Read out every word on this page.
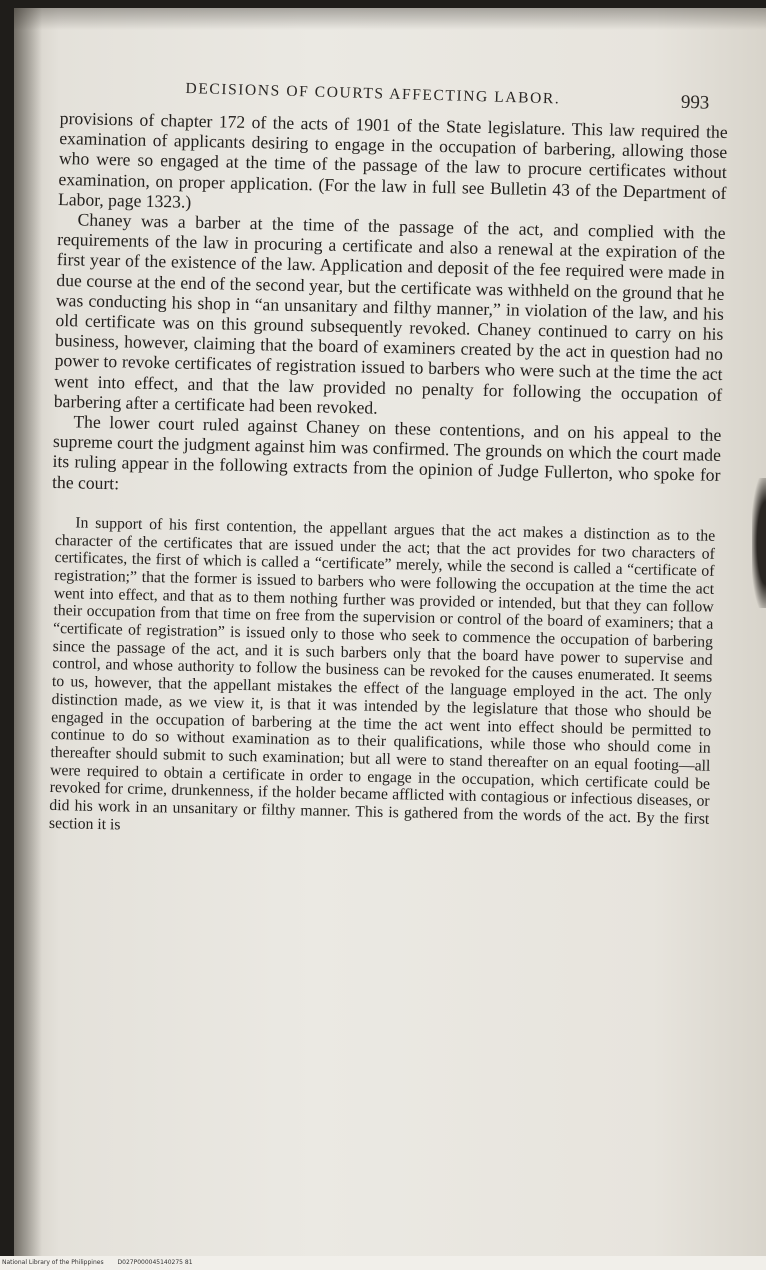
DECISIONS OF COURTS AFFECTING LABOR.	993

provisions of chapter 172 of the acts of 1901 of the State legislature. This law required the examination of applicants desiring to engage in the occupation of barbering, allowing those who were so engaged at the time of the passage of the law to procure certificates without examination, on proper application. (For the law in full see Bulletin 43 of the Department of Labor, page 1323.)

Chaney was a barber at the time of the passage of the act, and complied with the requirements of the law in procuring a certificate and also a renewal at the expiration of the first year of the existence of the law. Application and deposit of the fee required were made in due course at the end of the second year, but the certificate was withheld on the ground that he was conducting his shop in “an unsanitary and filthy manner,” in violation of the law, and his old certificate was on this ground subsequently revoked. Chaney continued to carry on his business, however, claiming that the board of examiners created by the act in question had no power to revoke certificates of registration issued to barbers who were such at the time the act went into effect, and that the law provided no penalty for following the occupation of barbering after a certificate had been revoked.

The lower court ruled against Chaney on these contentions, and on his appeal to the supreme court the judgment against him was confirmed. The grounds on which the court made its ruling appear in the following extracts from the opinion of Judge Fullerton, who spoke for the court:

In support of his first contention, the appellant argues that the act makes a distinction as to the character of the certificates that are issued under the act; that the act provides for two characters of certificates, the first of which is called a “certificate” merely, while the second is called a “certificate of registration;” that the former is issued to barbers who were following the occupation at the time the act went into effect, and that as to them nothing further was provided or intended, but that they can follow their occupation from that time on free from the supervision or control of the board of examiners; that a “certificate of registration” is issued only to those who seek to commence the occupation of barbering since the passage of the act, and it is such barbers only that the board have power to supervise and control, and whose authority to follow the business can be revoked for the causes enumerated. It seems to us, however, that the appellant mistakes the effect of the language employed in the act. The only distinction made, as we view it, is that it was intended by the legislature that those who should be engaged in the occupation of barbering at the time the act went into effect should be permitted to continue to do so without examination as to their qualifications, while those who should come in thereafter should submit to such examination; but all were to stand thereafter on an equal footing—all were required to obtain a certificate in order to engage in the occupation, which certificate could be revoked for crime, drunkenness, if the holder became afflicted with contagious or infectious diseases, or did his work in an unsanitary or filthy manner. This is gathered from the words of the act. By the first section it is

National Library of the Philippines D027P000045140275 81
